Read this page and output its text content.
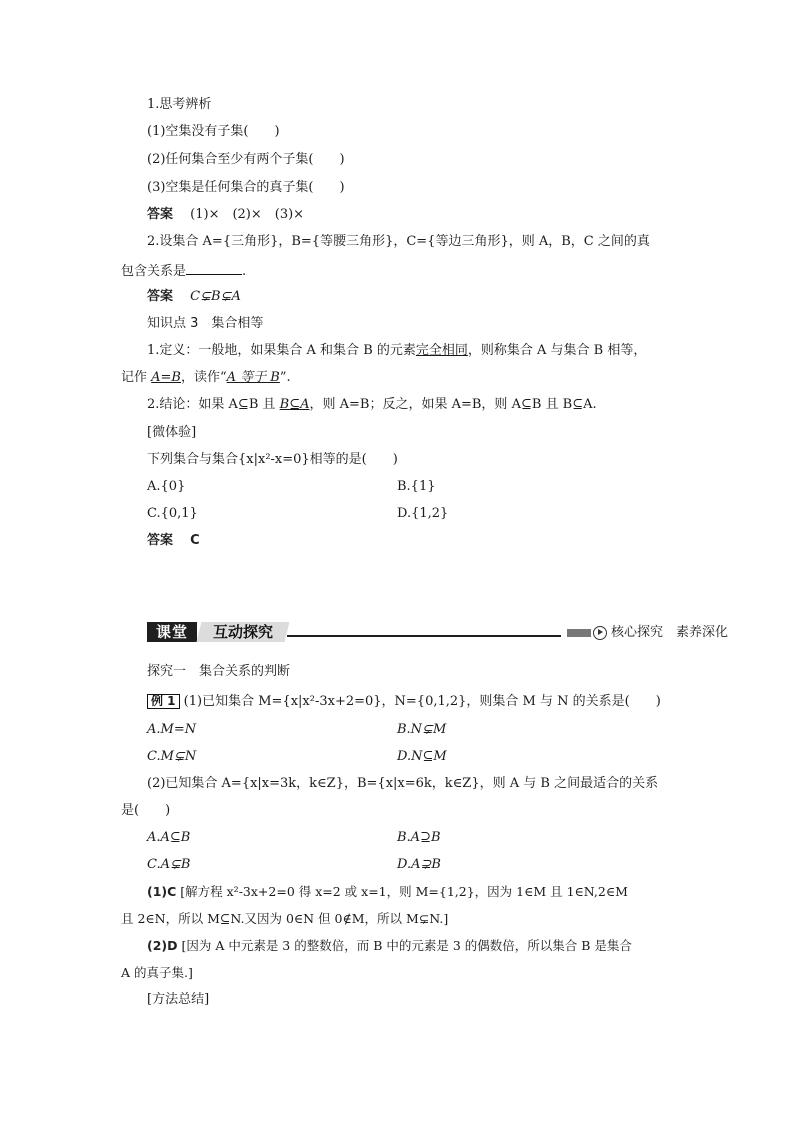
1.思考辨析
(1)空集没有子集(　　)
(2)任何集合至少有两个子集(　　)
(3)空集是任何集合的真子集(　　)
答案　 (1)×　(2)×　(3)×
2.设集合 A={三角形}，B={等腰三角形}，C={等边三角形}，则 A，B，C 之间的真
包含关系是	.
答案　 C⊊B⊊A
知识点 3　集合相等
1.定义：一般地，如果集合 A 和集合 B 的元素完全相同，则称集合 A 与集合 B 相等，
记作 A=B，读作“A 等于 B”.
2.结论：如果 A⊆B 且 B⊆A，则 A=B；反之，如果 A=B，则 A⊆B 且 B⊆A.
[微体验]
下列集合与集合{x|x²-x=0}相等的是(　　)
A.{0}	B.{1}
C.{0,1}	D.{1,2}
答案　 C
课堂	互动探究	核心探究　素养深化
探究一　集合关系的判断
例 1 (1)已知集合 M={x|x²-3x+2=0}，N={0,1,2}，则集合 M 与 N 的关系是(　　)
A.M=N	B.N⊊M
C.M⊊N	D.N⊆M
(2)已知集合 A={x|x=3k，k∈Z}，B={x|x=6k，k∈Z}，则 A 与 B 之间最适合的关系
是(　　)
A.A⊆B	B.A⊇B
C.A⊊B	D.A⊋B
(1)C [解方程 x²-3x+2=0 得 x=2 或 x=1，则 M={1,2}，因为 1∈M 且 1∈N,2∈M
且 2∈N，所以 M⊆N.又因为 0∈N 但 0∉M，所以 M⊊N.]
(2)D [因为 A 中元素是 3 的整数倍，而 B 中的元素是 3 的偶数倍，所以集合 B 是集合
A 的真子集.]
[方法总结]
